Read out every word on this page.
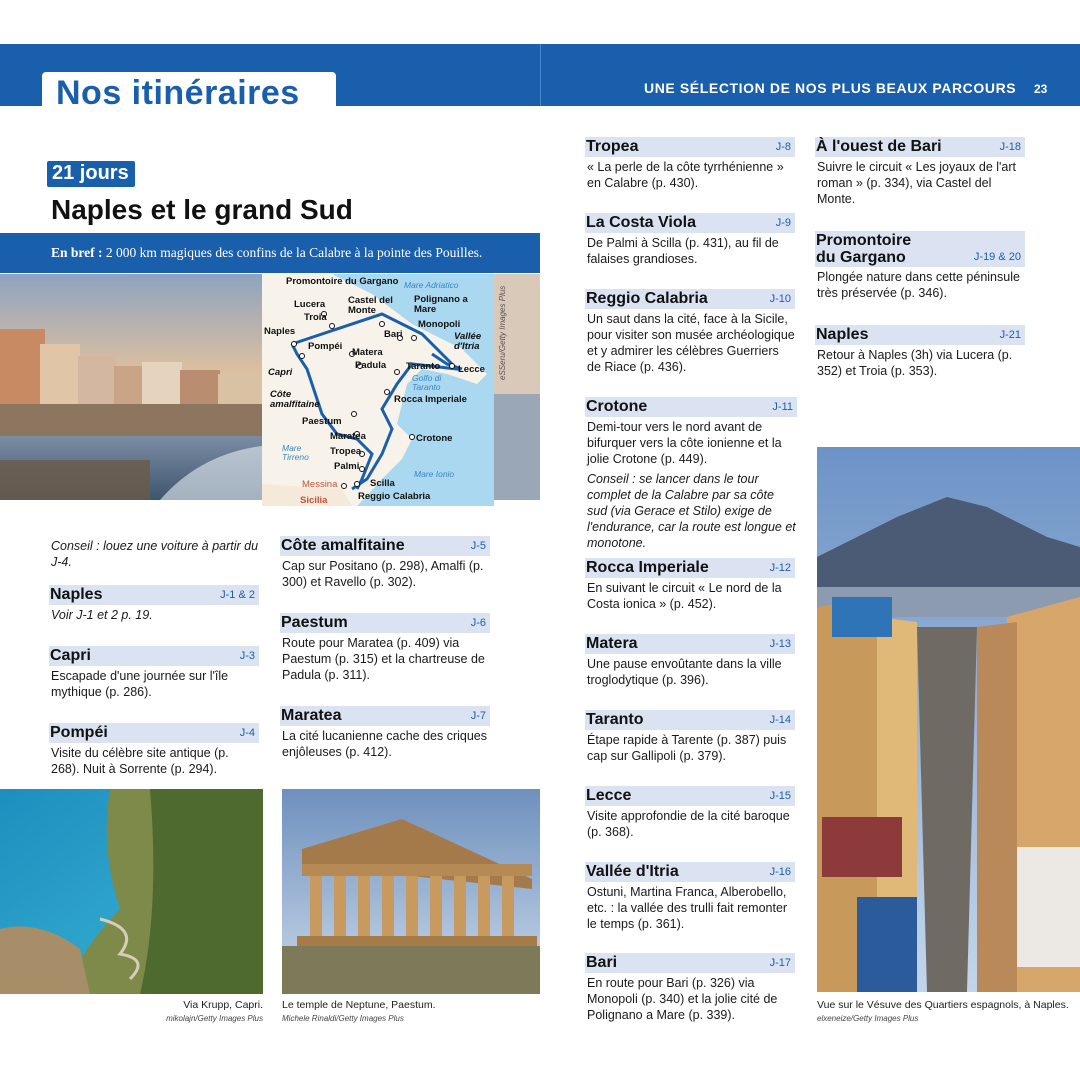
Nos itinéraires	UNE SÉLECTION DE NOS PLUS BEAUX PARCOURS 23
21 jours
Naples et le grand Sud
En bref : 2 000 km magiques des confins de la Calabre à la pointe des Pouilles.
eSSeru/Getty Images Plus
Promontoire du Gargano
Lucera
Troia
Castel del Monte
Polignano a Mare
Bari
Monopoli
Vallée d'Itria
Naples
Pompéi
Capri
Côte amalfitaine
Paestum
Matera
Padula Taranto Lecce
Rocca Imperiale
Maratea	Crotone
Tropea
Palmi
Scilla
Reggio Calabria
Messina
Sicilia
Mare Adriatico
Golfo di Taranto
Mare Tirreno
Mare Ionio
Conseil : louez une voiture à partir du J-4.
Naples	J-1 & 2
Voir J-1 et 2 p. 19.
Capri	J-3
Escapade d'une journée sur l'île mythique (p. 286).
Pompéi	J-4
Visite du célèbre site antique (p. 268). Nuit à Sorrente (p. 294).
Côte amalfitaine	J-5
Cap sur Positano (p. 298), Amalfi (p. 300) et Ravello (p. 302).
Paestum	J-6
Route pour Maratea (p. 409) via Paestum (p. 315) et la chartreuse de Padula (p. 311).
Maratea	J-7
La cité lucanienne cache des criques enjôleuses (p. 412).
Via Krupp, Capri.
mikolajn/Getty Images Plus
Le temple de Neptune, Paestum.
Michele Rinaldi/Getty Images Plus
Tropea	J-8
« La perle de la côte tyrrhénienne » en Calabre (p. 430).
La Costa Viola	J-9
De Palmi à Scilla (p. 431), au fil de falaises grandioses.
Reggio Calabria	J-10
Un saut dans la cité, face à la Sicile, pour visiter son musée archéologique et y admirer les célèbres Guerriers de Riace (p. 436).
Crotone	J-11
Demi-tour vers le nord avant de bifurquer vers la côte ionienne et la jolie Crotone (p. 449).
Conseil : se lancer dans le tour complet de la Calabre par sa côte sud (via Gerace et Stilo) exige de l'endurance, car la route est longue et monotone.
Rocca Imperiale	J-12
En suivant le circuit « Le nord de la Costa ionica » (p. 452).
Matera	J-13
Une pause envoûtante dans la ville troglodytique (p. 396).
Taranto	J-14
Étape rapide à Tarente (p. 387) puis cap sur Gallipoli (p. 379).
Lecce	J-15
Visite approfondie de la cité baroque (p. 368).
Vallée d'Itria	J-16
Ostuni, Martina Franca, Alberobello, etc. : la vallée des trulli fait remonter le temps (p. 361).
Bari	J-17
En route pour Bari (p. 326) via Monopoli (p. 340) et la jolie cité de Polignano a Mare (p. 339).
À l'ouest de Bari	J-18
Suivre le circuit « Les joyaux de l'art roman » (p. 334), via Castel del Monte.
Promontoire du Gargano	J-19 & 20
Plongée nature dans cette péninsule très préservée (p. 346).
Naples	J-21
Retour à Naples (3h) via Lucera (p. 352) et Troia (p. 353).
Vue sur le Vésuve des Quartiers espagnols, à Naples.
elxeneize/Getty Images Plus
